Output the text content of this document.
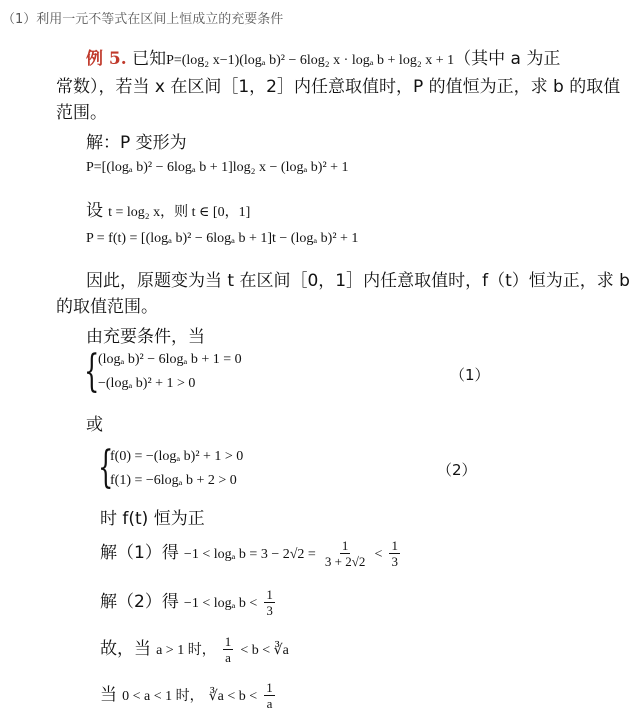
（1）利用一元不等式在区间上恒成立的充要条件
例 5. 已知P=(log₂ x−1)(logₐ b)² − 6log₂ x · logₐ b + log₂ x + 1（其中 a 为正
常数），若当 x 在区间［1，2］内任意取值时，P 的值恒为正，求 b 的取值
范围。
解：P 变形为
P=[(logₐ b)² − 6logₐ b + 1]log₂ x − (logₐ b)² + 1
设 t = log₂ x，则 t ∈ [0，1]
P = f(t) = [(logₐ b)² − 6logₐ b + 1]t − (logₐ b)² + 1
因此，原题变为当 t 在区间［0，1］内任意取值时，f（t）恒为正，求 b
的取值范围。
由充要条件，当
{
(logₐ b)² − 6logₐ b + 1 = 0
−(logₐ b)² + 1 > 0	（1）
或
{
f(0) = −(logₐ b)² + 1 > 0
f(1) = −6logₐ b + 2 > 0
（2）
时 f(t) 恒为正
解（1）得 −1 < logₐ $b = 3 - 2√2 = \frac{1}{3 + 2√2} < \frac{1}{3}$
解（2）得 −1 < logₐ $b < \frac{1}{3}$
故，当 a > 1 时， $\frac{1}{a} < b$ < ∛a
当 0 < a < 1 时， ∛a < $b < \frac{1}{a}$
